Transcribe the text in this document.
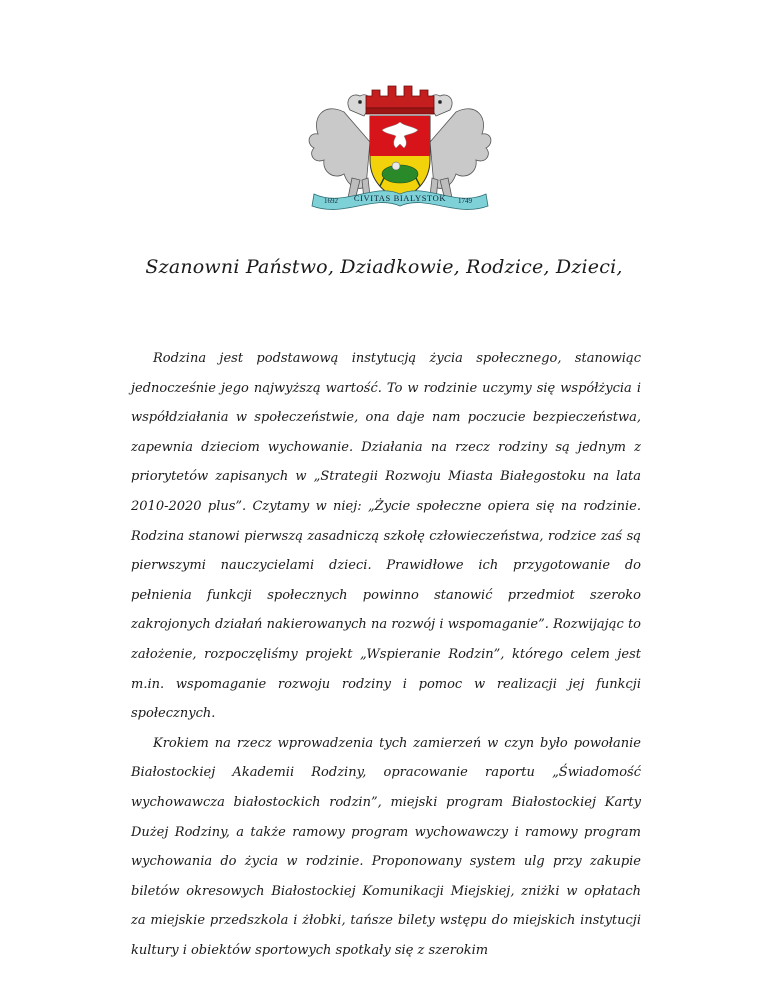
1692 CIVITAS BIALYSTOK 1749
Szanowni Państwo, Dziadkowie, Rodzice, Dzieci,

Rodzina jest podstawową instytucją życia społecznego, stanowiąc jednocześnie jego najwyższą wartość. To w rodzinie uczymy się współżycia i współdziałania w społeczeństwie, ona daje nam poczucie bezpieczeństwa, zapewnia dzieciom wychowanie. Działania na rzecz rodziny są jednym z priorytetów zapisanych w „Strategii Rozwoju Miasta Białegostoku na lata 2010-2020 plus”. Czytamy w niej: „Życie społeczne opiera się na rodzinie. Rodzina stanowi pierwszą zasadniczą szkołę człowieczeństwa, rodzice zaś są pierwszymi nauczycielami dzieci. Prawidłowe ich przygotowanie do pełnienia funkcji społecznych powinno stanowić przedmiot szeroko zakrojonych działań nakierowanych na rozwój i wspomaganie”. Rozwijając to założenie, rozpoczęliśmy projekt „Wspieranie Rodzin”, którego celem jest m.in. wspomaganie rozwoju rodziny i pomoc w realizacji jej funkcji społecznych.

Krokiem na rzecz wprowadzenia tych zamierzeń w czyn było powołanie Białostockiej Akademii Rodziny, opracowanie raportu „Świadomość wychowawcza białostockich rodzin”, miejski program Białostockiej Karty Dużej Rodziny, a także ramowy program wychowawczy i ramowy program wychowania do życia w rodzinie. Proponowany system ulg przy zakupie biletów okresowych Białostockiej Komunikacji Miejskiej, zniżki w opłatach za miejskie przedszkola i żłobki, tańsze bilety wstępu do miejskich instytucji kultury i obiektów sportowych spotkały się z szerokim
